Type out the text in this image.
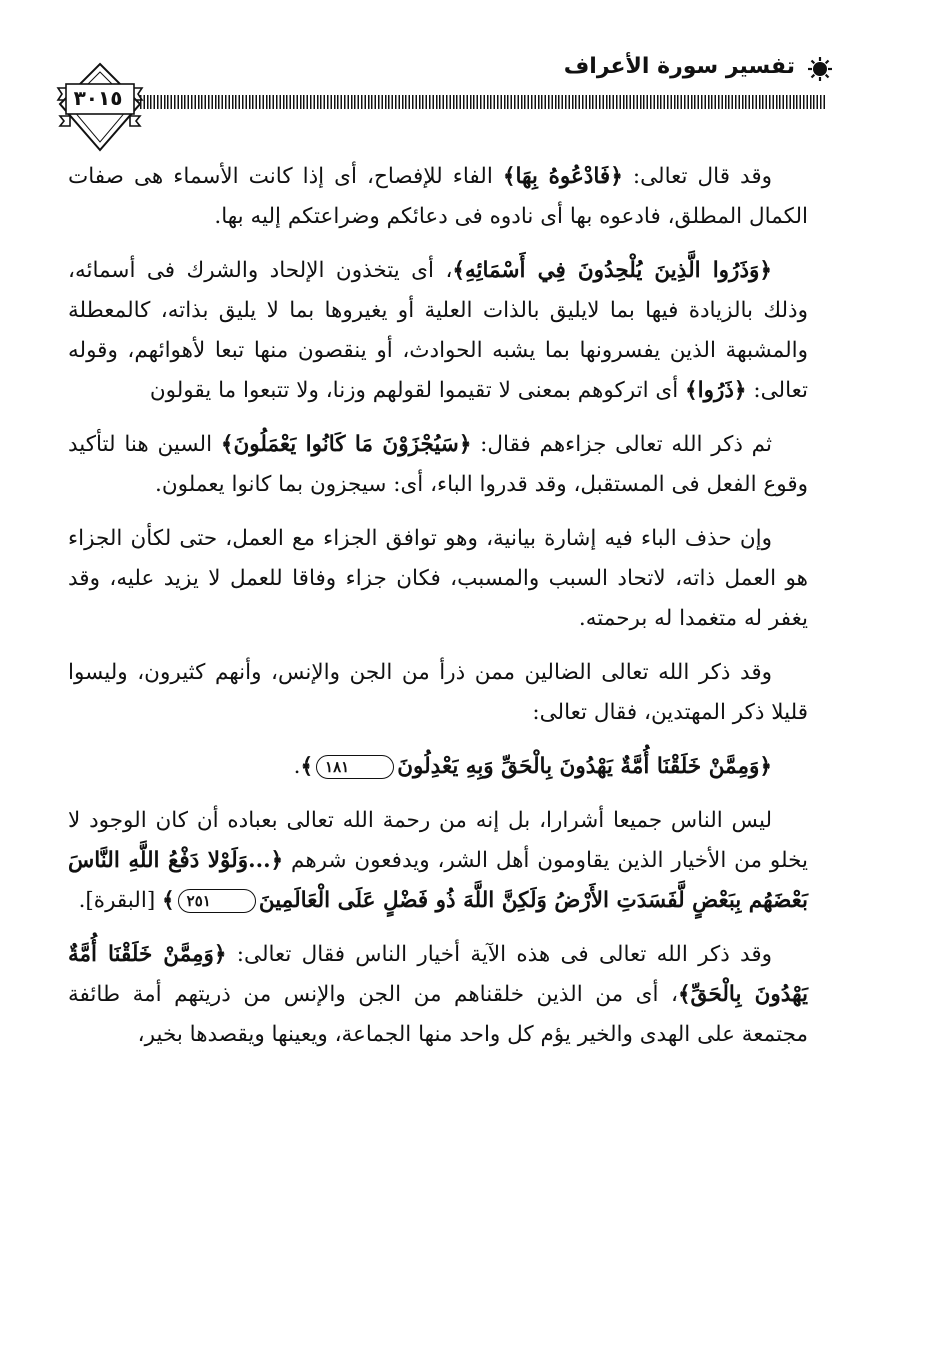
تفسير سورة الأعراف
٣٠١٥

وقد قال تعالى: ﴿فَادْعُوهُ بِهَا﴾ الفاء للإفصاح، أى إذا كانت الأسماء هى صفات الكمال المطلق، فادعوه بها أى نادوه فى دعائكم وضراعتكم إليه بها.

﴿وَذَرُوا الَّذِينَ يُلْحِدُونَ فِي أَسْمَائِهِ﴾، أى يتخذون الإلحاد والشرك فى أسمائه، وذلك بالزيادة فيها بما لايليق بالذات العلية أو يغيروها بما لا يليق بذاته، كالمعطلة والمشبهة الذين يفسرونها بما يشبه الحوادث، أو ينقصون منها تبعا لأهوائهم، وقوله تعالى: ﴿ذَرُوا﴾ أى اتركوهم بمعنى لا تقيموا لقولهم وزنا، ولا تتبعوا ما يقولون

ثم ذكر الله تعالى جزاءهم فقال: ﴿سَيُجْزَوْنَ مَا كَانُوا يَعْمَلُونَ﴾ السين هنا لتأكيد وقوع الفعل فى المستقبل، وقد قدروا الباء، أى: سيجزون بما كانوا يعملون.

وإن حذف الباء فيه إشارة بيانية، وهو توافق الجزاء مع العمل، حتى لكأن الجزاء هو العمل ذاته، لاتحاد السبب والمسبب، فكان جزاء وفاقا للعمل لا يزيد عليه، وقد يغفر له متغمدا له برحمته.

وقد ذكر الله تعالى الضالين ممن ذرأ من الجن والإنس، وأنهم كثيرون، وليسوا قليلا ذكر المهتدين، فقال تعالى:

﴿وَمِمَّنْ خَلَقْنَا أُمَّةٌ يَهْدُونَ بِالْحَقِّ وَبِهِ يَعْدِلُونَ١٨١﴾.

ليس الناس جميعا أشرارا، بل إنه من رحمة الله تعالى بعباده أن كان الوجود لا يخلو من الأخيار الذين يقاومون أهل الشر، ويدفعون شرهم ﴿...وَلَوْلا دَفْعُ اللَّهِ النَّاسَ بَعْضَهُم بِبَعْضٍ لَّفَسَدَتِ الأَرْضُ وَلَكِنَّ اللَّهَ ذُو فَضْلٍ عَلَى الْعَالَمِينَ٢٥١﴾ [البقرة].

وقد ذكر الله تعالى فى هذه الآية أخيار الناس فقال تعالى: ﴿وَمِمَّنْ خَلَقْنَا أُمَّةٌ يَهْدُونَ بِالْحَقِّ﴾، أى من الذين خلقناهم من الجن والإنس من ذريتهم أمة طائفة مجتمعة على الهدى والخير يؤم كل واحد منها الجماعة، ويعينها ويقصدها بخير،
